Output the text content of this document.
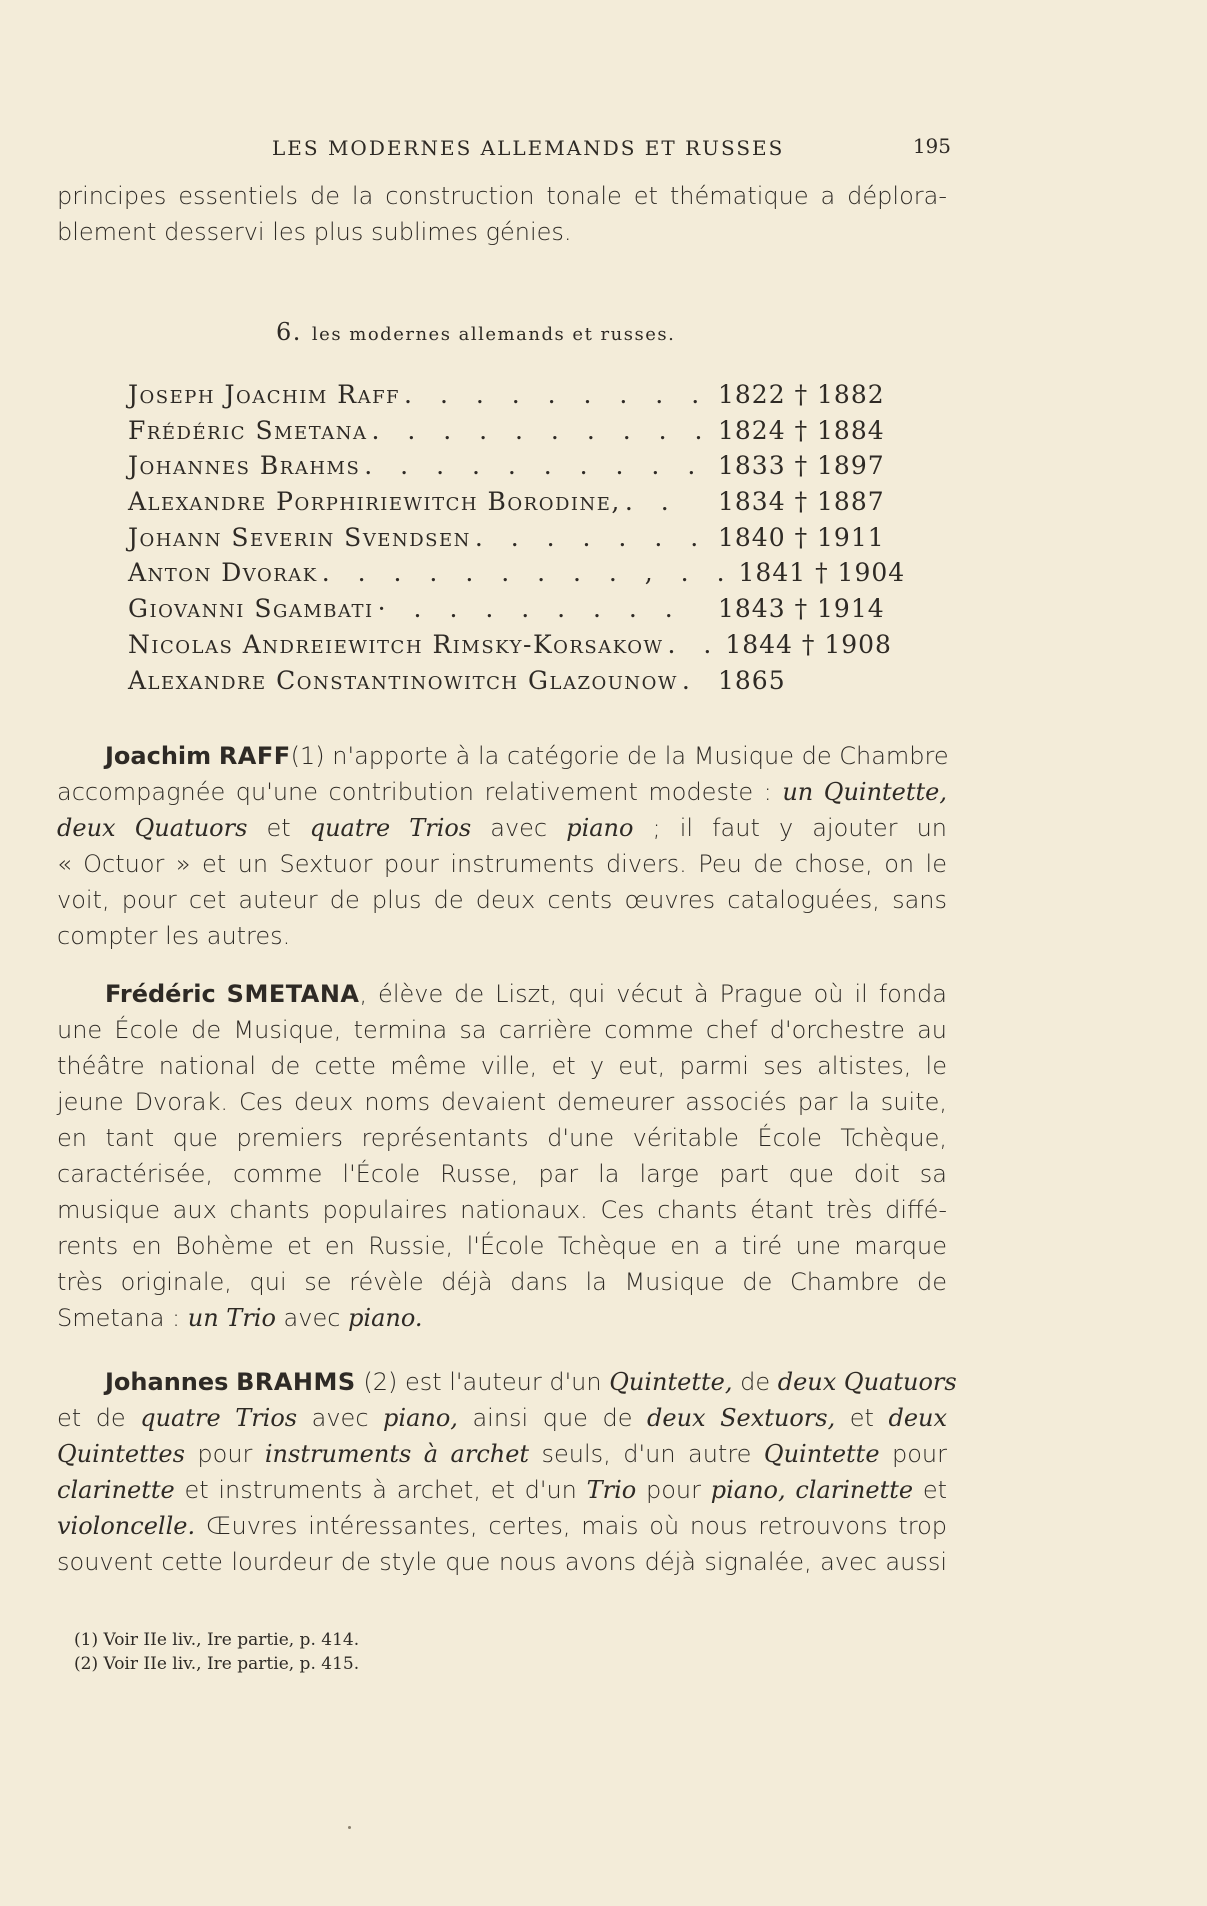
LES MODERNES ALLEMANDS ET RUSSES	195
principes essentiels de la construction tonale et thématique a déplora-
blement desservi les plus sublimes génies.
6. les modernes allemands et russes.
Joseph Joachim Raff . . . . . . . . . 1822 † 1882
Frédéric Smetana . . . . . . . . . . 1824 † 1884
Johannes Brahms . . . . . . . . . . 1833 † 1897
Alexandre Porphiriewitch Borodine, . .	1834 † 1887
Johann Severin Svendsen . . . . . . . 1840 † 1911
Anton Dvorak . . . . . . . . . , . . 1841 † 1904
Giovanni Sgambati · . . . . . . . .	1843 † 1914
Nicolas Andreiewitch Rimsky-Korsakow . . 1844 † 1908
Alexandre Constantinowitch Glazounow . 1865
  Joachim RAFF(1) n'apporte à la catégorie de la Musique de Chambre
accompagnée qu'une contribution relativement modeste : un Quintette,
deux Quatuors et quatre Trios avec piano ; il faut y ajouter un
« Octuor » et un Sextuor pour instruments divers. Peu de chose, on le
voit, pour cet auteur de plus de deux cents œuvres cataloguées, sans
compter les autres.
  Frédéric SMETANA, élève de Liszt, qui vécut à Prague où il fonda
une École de Musique, termina sa carrière comme chef d'orchestre au
théâtre national de cette même ville, et y eut, parmi ses altistes, le
jeune Dvorak. Ces deux noms devaient demeurer associés par la suite,
en tant que premiers représentants d'une véritable École Tchèque,
caractérisée, comme l'École Russe, par la large part que doit sa
musique aux chants populaires nationaux. Ces chants étant très diffé-
rents en Bohème et en Russie, l'École Tchèque en a tiré une marque
très originale, qui se révèle déjà dans la Musique de Chambre de
Smetana : un Trio avec piano.
  Johannes BRAHMS (2) est l'auteur d'un Quintette, de deux Quatuors
et de quatre Trios avec piano, ainsi que de deux Sextuors, et deux
Quintettes pour instruments à archet seuls, d'un autre Quintette pour
clarinette et instruments à archet, et d'un Trio pour piano, clarinette et
violoncelle. Œuvres intéressantes, certes, mais où nous retrouvons trop
souvent cette lourdeur de style que nous avons déjà signalée, avec aussi
(1) Voir IIe liv., Ire partie, p. 414.
(2) Voir IIe liv., Ire partie, p. 415.
